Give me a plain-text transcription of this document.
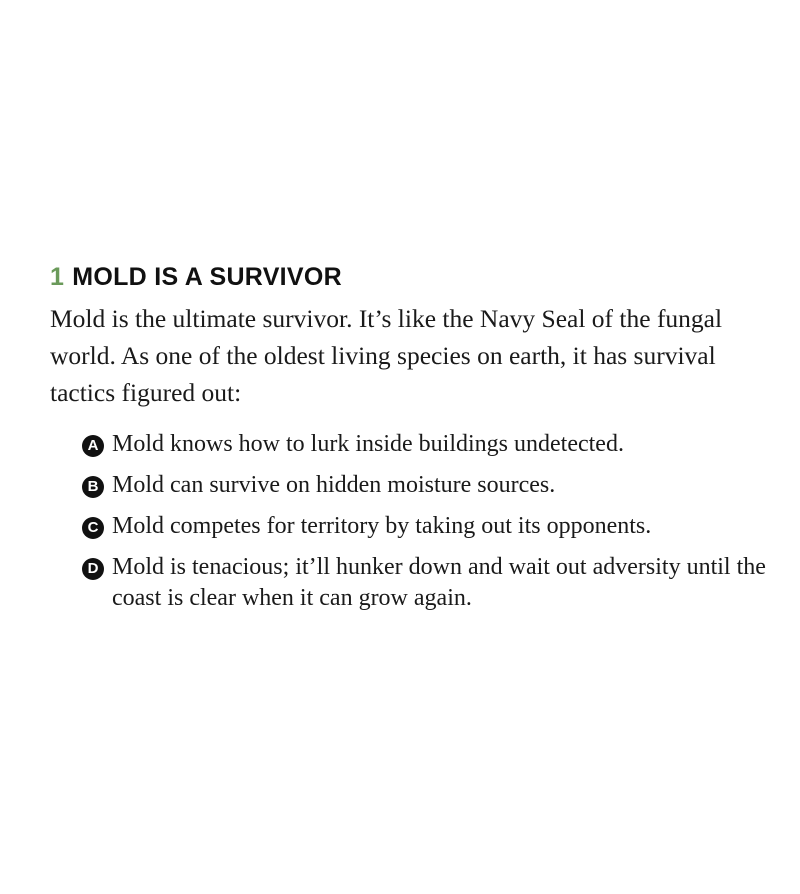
1 MOLD IS A SURVIVOR

Mold is the ultimate survivor. It’s like the Navy Seal of the fungal world. As one of the oldest living species on earth, it has survival tactics figured out:

A Mold knows how to lurk inside buildings undetected.
B Mold can survive on hidden moisture sources.
C Mold competes for territory by taking out its opponents.
D Mold is tenacious; it’ll hunker down and wait out adversity until the coast is clear when it can grow again.
